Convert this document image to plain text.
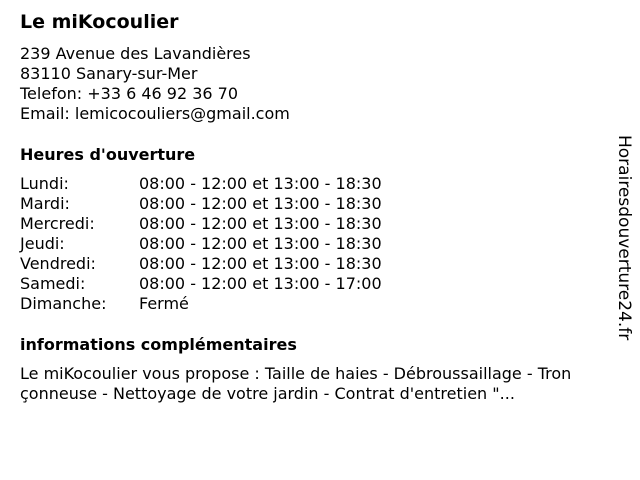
Le miKocoulier
239 Avenue des Lavandières
83110 Sanary-sur-Mer
Telefon: +33 6 46 92 36 70
Email: lemicocouliers@gmail.com
Heures d'ouverture
Lundi:	08:00 - 12:00 et 13:00 - 18:30
Mardi:	08:00 - 12:00 et 13:00 - 18:30
Mercredi:	08:00 - 12:00 et 13:00 - 18:30
Jeudi:	08:00 - 12:00 et 13:00 - 18:30
Vendredi:	08:00 - 12:00 et 13:00 - 18:30
Samedi:	08:00 - 12:00 et 13:00 - 17:00
Dimanche: Fermé
informations complémentaires
Le miKocoulier vous propose : Taille de haies - Débroussaillage - Tron
çonneuse - Nettoyage de votre jardin - Contrat d'entretien "...
Horairesdouverture24.fr
